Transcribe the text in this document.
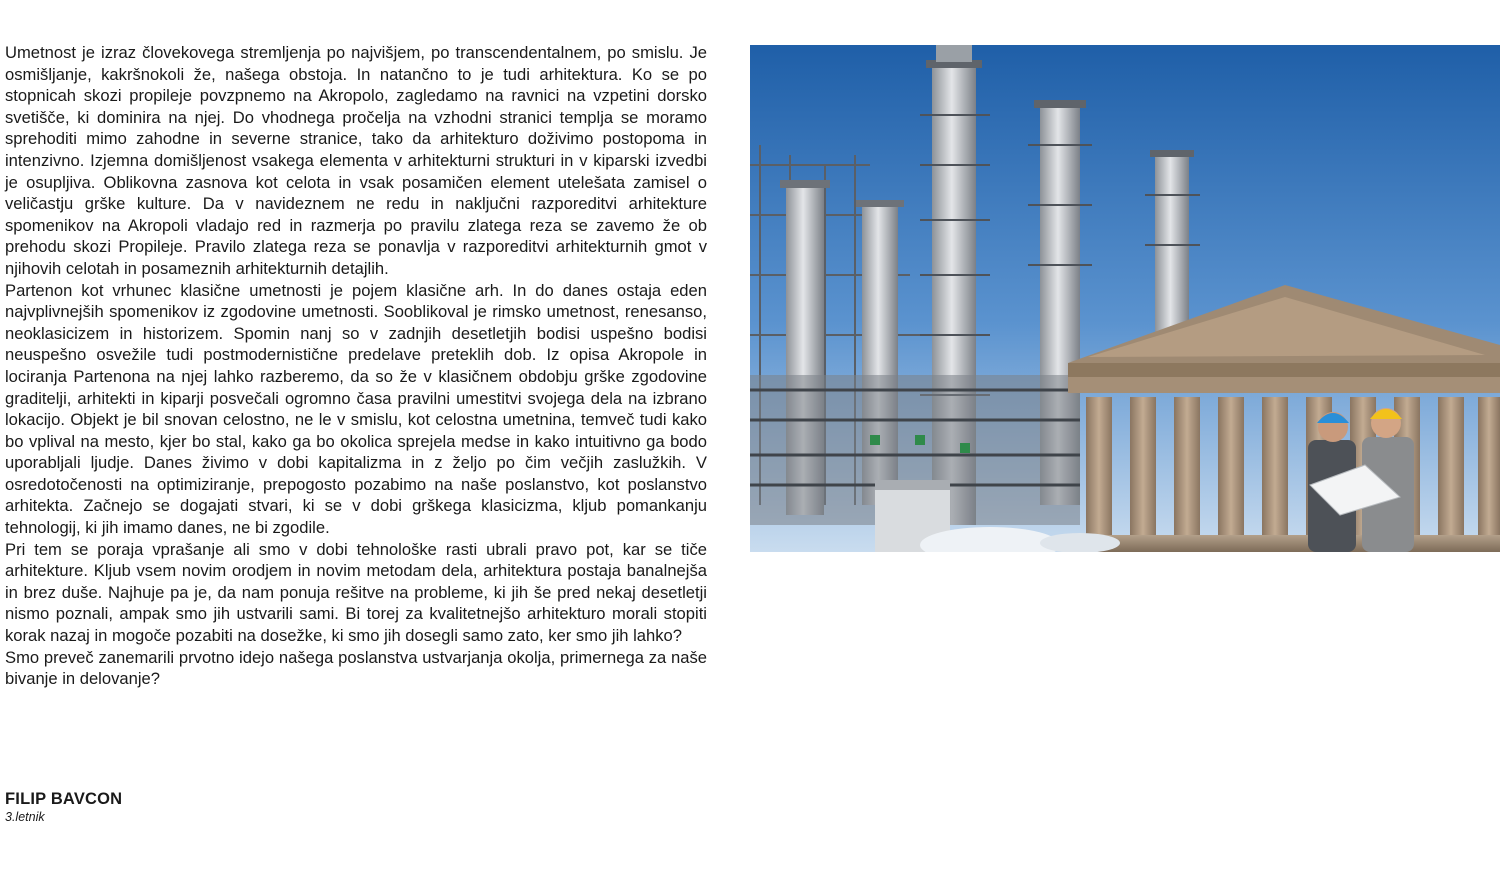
Umetnost je izraz človekovega stremljenja po najvišjem, po transcendentalnem, po smislu. Je osmišljanje, kakršnokoli že, našega obstoja. In natančno to je tudi arhitektura. Ko se po stopnicah skozi propileje povzpnemo na Akropolo, zagledamo na ravnici na vzpetini dorsko svetišče, ki dominira na njej. Do vhodnega pročelja na vzhodni stranici templja se moramo sprehoditi mimo zahodne in severne stranice, tako da arhitekturo doživimo postopoma in intenzivno. Izjemna domišljenost vsakega elementa v arhitekturni strukturi in v kiparski izvedbi je osupljiva. Oblikovna zasnova kot celota in vsak posamičen element utelešata zamisel o veličastju grške kulture. Da v navideznem ne redu in naključni razporeditvi arhitekture spomenikov na Akropoli vladajo red in razmerja po pravilu zlatega reza se zavemo že ob prehodu skozi Propileje. Pravilo zlatega reza se ponavlja v razporeditvi arhitekturnih gmot v njihovih celotah in posameznih arhitekturnih detajlih.

Partenon kot vrhunec klasične umetnosti je pojem klasične arh. In do danes ostaja eden najvplivnejših spomenikov iz zgodovine umetnosti. Sooblikoval je rimsko umetnost, renesanso, neoklasicizem in historizem. Spomin nanj so v zadnjih desetletjih bodisi uspešno bodisi neuspešno osvežile tudi postmodernistične predelave preteklih dob. Iz opisa Akropole in lociranja Partenona na njej lahko razberemo, da so že v klasičnem obdobju grške zgodovine graditelji, arhitekti in kiparji posvečali ogromno časa pravilni umestitvi svojega dela na izbrano lokacijo. Objekt je bil snovan celostno, ne le v smislu, kot celostna umetnina, temveč tudi kako bo vplival na mesto, kjer bo stal, kako ga bo okolica sprejela medse in kako intuitivno ga bodo uporabljali ljudje. Danes živimo v dobi kapitalizma in z željo po čim večjih zaslužkih. V osredotočenosti na optimiziranje, prepogosto pozabimo na naše poslanstvo, kot poslanstvo arhitekta. Začnejo se dogajati stvari, ki se v dobi grškega klasicizma, kljub pomankanju tehnologij, ki jih imamo danes, ne bi zgodile.

Pri tem se poraja vprašanje ali smo v dobi tehnološke rasti ubrali pravo pot, kar se tiče arhitekture. Kljub vsem novim orodjem in novim metodam dela, arhitektura postaja banalnejša in brez duše. Najhuje pa je, da nam ponuja rešitve na probleme, ki jih še pred nekaj desetletji nismo poznali, ampak smo jih ustvarili sami. Bi torej za kvalitetnejšo arhitekturo morali stopiti korak nazaj in mogoče pozabiti na dosežke, ki smo jih dosegli samo zato, ker smo jih lahko?

Smo preveč zanemarili prvotno idejo našega poslanstva ustvarjanja okolja, primernega za naše bivanje in delovanje?

FILIP BAVCON
3.letnik
